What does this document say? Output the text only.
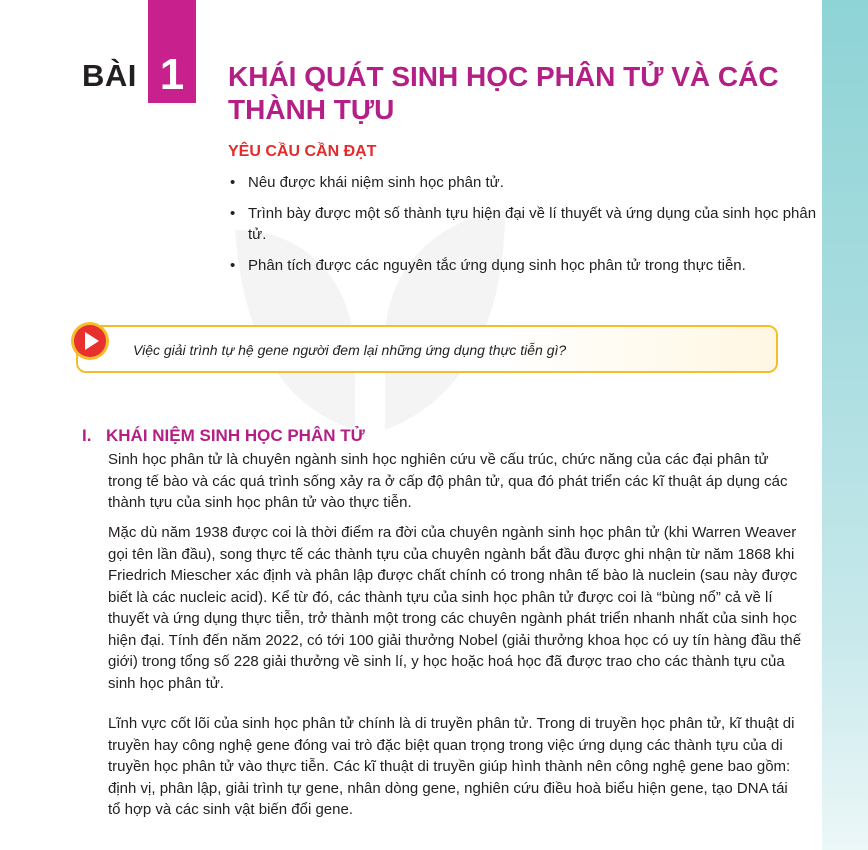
BÀI 1	KHÁI QUÁT SINH HỌC PHÂN TỬ VÀ CÁC THÀNH TỰU
YÊU CẦU CẦN ĐẠT
• Nêu được khái niệm sinh học phân tử.
• Trình bày được một số thành tựu hiện đại về lí thuyết và ứng dụng của sinh học phân tử.
• Phân tích được các nguyên tắc ứng dụng sinh học phân tử trong thực tiễn.
Việc giải trình tự hệ gene người đem lại những ứng dụng thực tiễn gì?
I. KHÁI NIỆM SINH HỌC PHÂN TỬ

Sinh học phân tử là chuyên ngành sinh học nghiên cứu về cấu trúc, chức năng của các đại phân tử trong tế bào và các quá trình sống xảy ra ở cấp độ phân tử, qua đó phát triển các kĩ thuật áp dụng các thành tựu của sinh học phân tử vào thực tiễn.

Mặc dù năm 1938 được coi là thời điểm ra đời của chuyên ngành sinh học phân tử (khi Warren Weaver gọi tên lần đầu), song thực tế các thành tựu của chuyên ngành bắt đầu được ghi nhận từ năm 1868 khi Friedrich Miescher xác định và phân lập được chất chính có trong nhân tế bào là nuclein (sau này được biết là các nucleic acid). Kể từ đó, các thành tựu của sinh học phân tử được coi là “bùng nổ” cả về lí thuyết và ứng dụng thực tiễn, trở thành một trong các chuyên ngành phát triển nhanh nhất của sinh học hiện đại. Tính đến năm 2022, có tới 100 giải thưởng Nobel (giải thưởng khoa học có uy tín hàng đầu thế giới) trong tổng số 228 giải thưởng về sinh lí, y học hoặc hoá học đã được trao cho các thành tựu của sinh học phân tử.

Lĩnh vực cốt lõi của sinh học phân tử chính là di truyền phân tử. Trong di truyền học phân tử, kĩ thuật di truyền hay công nghệ gene đóng vai trò đặc biệt quan trọng trong việc ứng dụng các thành tựu của di truyền học phân tử vào thực tiễn. Các kĩ thuật di truyền giúp hình thành nên công nghệ gene bao gồm: định vị, phân lập, giải trình tự gene, nhân dòng gene, nghiên cứu điều hoà biểu hiện gene, tạo DNA tái tổ hợp và các sinh vật biến đổi gene.
